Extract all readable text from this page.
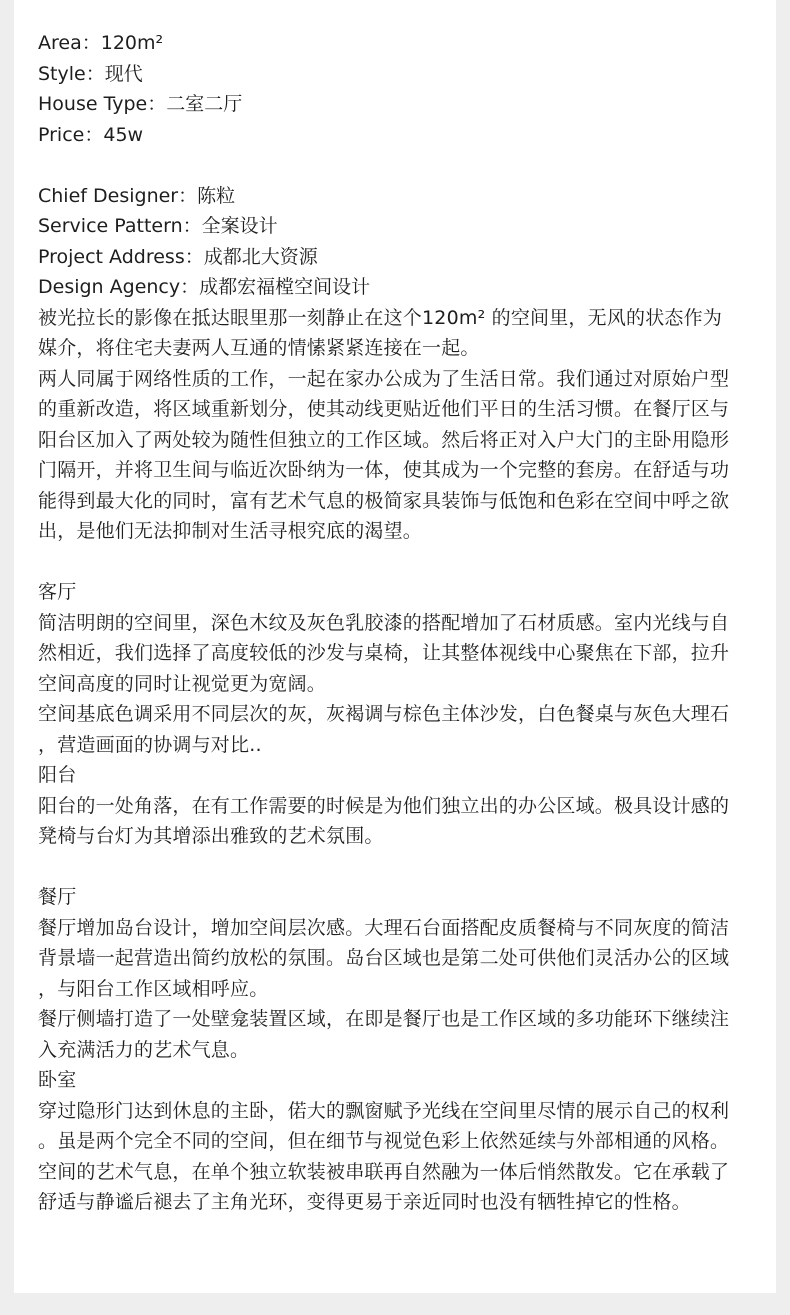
Area：120m²
Style：现代
House Type：二室二厅
Price：45w
Chief Designer：陈粒
Service Pattern：全案设计
Project Address：成都北大资源
Design Agency：成都宏福樘空间设计
被光拉长的影像在抵达眼里那一刻静止在这个120m² 的空间里，无风的状态作为
媒介，将住宅夫妻两人互通的情愫紧紧连接在一起。
两人同属于网络性质的工作，一起在家办公成为了生活日常。我们通过对原始户型
的重新改造，将区域重新划分，使其动线更贴近他们平日的生活习惯。在餐厅区与
阳台区加入了两处较为随性但独立的工作区域。然后将正对入户大门的主卧用隐形
门隔开，并将卫生间与临近次卧纳为一体，使其成为一个完整的套房。在舒适与功
能得到最大化的同时，富有艺术气息的极简家具装饰与低饱和色彩在空间中呼之欲
出，是他们无法抑制对生活寻根究底的渴望。
客厅
简洁明朗的空间里，深色木纹及灰色乳胶漆的搭配增加了石材质感。室内光线与自
然相近，我们选择了高度较低的沙发与桌椅，让其整体视线中心聚焦在下部，拉升
空间高度的同时让视觉更为宽阔。
空间基底色调采用不同层次的灰，灰褐调与棕色主体沙发，白色餐桌与灰色大理石
，营造画面的协调与对比..
阳台
阳台的一处角落，在有工作需要的时候是为他们独立出的办公区域。极具设计感的
凳椅与台灯为其增添出雅致的艺术氛围。
餐厅
餐厅增加岛台设计，增加空间层次感。大理石台面搭配皮质餐椅与不同灰度的简洁
背景墙一起营造出简约放松的氛围。岛台区域也是第二处可供他们灵活办公的区域
，与阳台工作区域相呼应。
餐厅侧墙打造了一处壁龛装置区域，在即是餐厅也是工作区域的多功能环下继续注
入充满活力的艺术气息。
卧室
穿过隐形门达到休息的主卧，偌大的飘窗赋予光线在空间里尽情的展示自己的权利
。虽是两个完全不同的空间，但在细节与视觉色彩上依然延续与外部相通的风格。
空间的艺术气息，在单个独立软装被串联再自然融为一体后悄然散发。它在承载了
舒适与静谧后褪去了主角光环，变得更易于亲近同时也没有牺牲掉它的性格。
